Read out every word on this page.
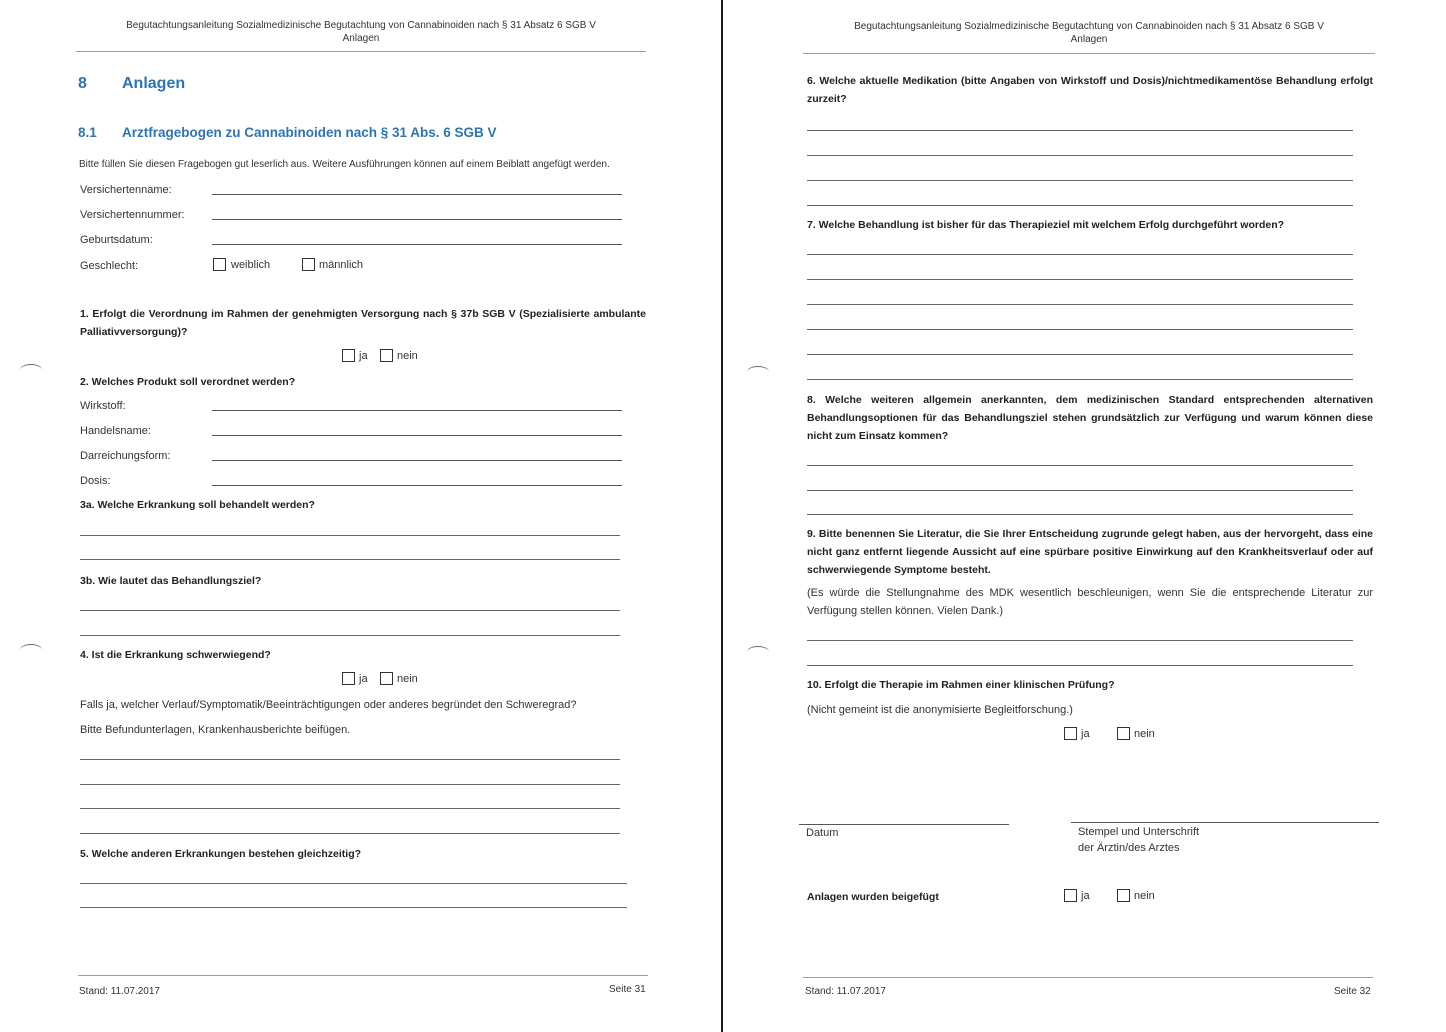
Begutachtungsanleitung Sozialmedizinische Begutachtung von Cannabinoiden nach § 31 Absatz 6 SGB V
Anlagen
8 Anlagen
8.1 Arztfragebogen zu Cannabinoiden nach § 31 Abs. 6 SGB V
Bitte füllen Sie diesen Fragebogen gut leserlich aus. Weitere Ausführungen können auf einem Beiblatt angefügt werden.
Versichertenname:
Versichertennummer:
Geburtsdatum:
Geschlecht:	weiblich	männlich
1. Erfolgt die Verordnung im Rahmen der genehmigten Versorgung nach § 37b SGB V (Spezialisierte ambulante Palliativversorgung)?
ja	nein
2. Welches Produkt soll verordnet werden?
Wirkstoff:
Handelsname:
Darreichungsform:
Dosis:
3a. Welche Erkrankung soll behandelt werden?
3b. Wie lautet das Behandlungsziel?
4. Ist die Erkrankung schwerwiegend?
ja	nein
Falls ja, welcher Verlauf/Symptomatik/Beeinträchtigungen oder anderes begründet den Schweregrad?
Bitte Befundunterlagen, Krankenhausberichte beifügen.
5. Welche anderen Erkrankungen bestehen gleichzeitig?
Stand: 11.07.2017	Seite 31
Begutachtungsanleitung Sozialmedizinische Begutachtung von Cannabinoiden nach § 31 Absatz 6 SGB V
Anlagen
6. Welche aktuelle Medikation (bitte Angaben von Wirkstoff und Dosis)/nichtmedikamentöse Behandlung erfolgt zurzeit?
7. Welche Behandlung ist bisher für das Therapieziel mit welchem Erfolg durchgeführt worden?
8. Welche weiteren allgemein anerkannten, dem medizinischen Standard entsprechenden alternativen Behandlungsoptionen für das Behandlungsziel stehen grundsätzlich zur Verfügung und warum können diese nicht zum Einsatz kommen?
9. Bitte benennen Sie Literatur, die Sie Ihrer Entscheidung zugrunde gelegt haben, aus der hervorgeht, dass eine nicht ganz entfernt liegende Aussicht auf eine spürbare positive Einwirkung auf den Krankheitsverlauf oder auf schwerwiegende Symptome besteht.
(Es würde die Stellungnahme des MDK wesentlich beschleunigen, wenn Sie die entsprechende Literatur zur Verfügung stellen können. Vielen Dank.)
10. Erfolgt die Therapie im Rahmen einer klinischen Prüfung?
(Nicht gemeint ist die anonymisierte Begleitforschung.)
ja	nein
Datum	Stempel und Unterschrift
der Ärztin/des Arztes
Anlagen wurden beigefügt	ja	nein
Stand: 11.07.2017	Seite 32
